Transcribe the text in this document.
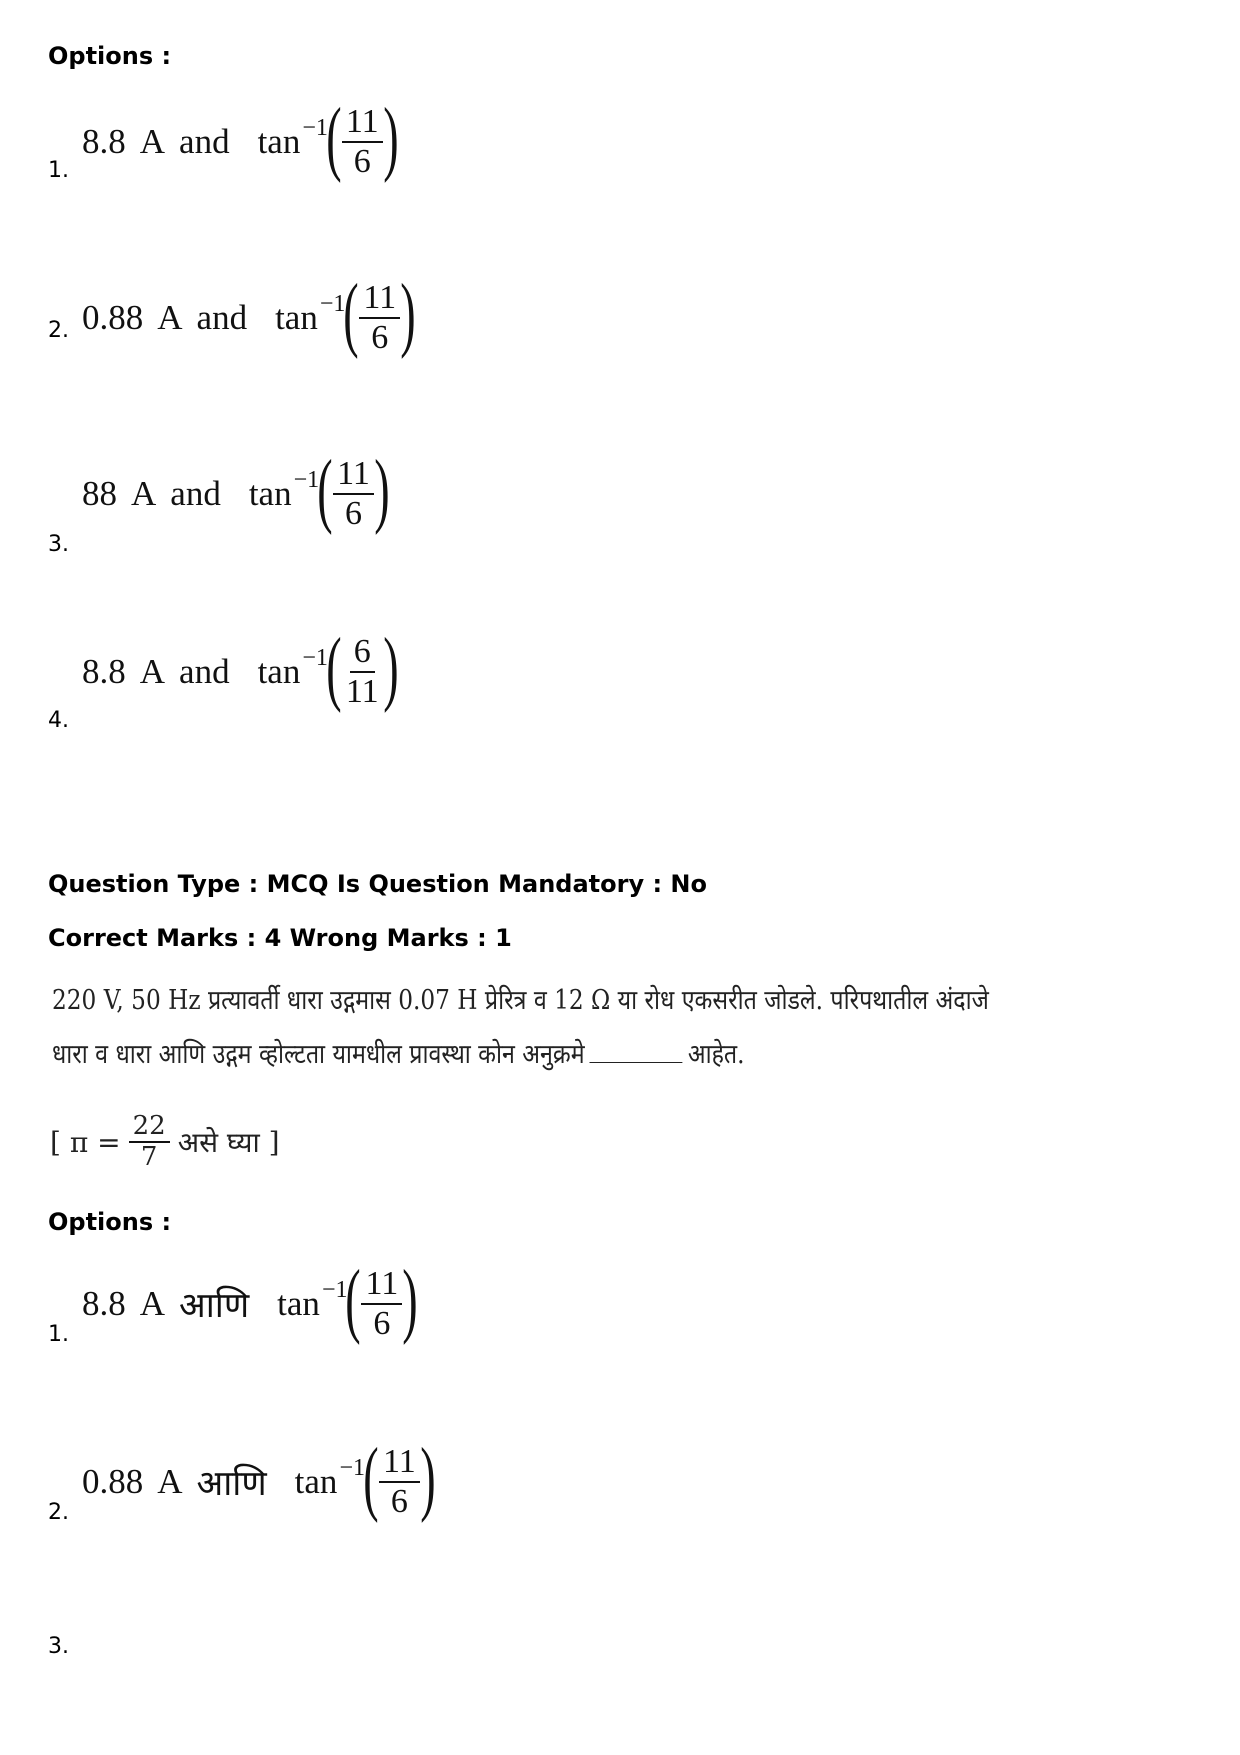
Options :
1.
8.8 A and $\tan^{-1}$
( $\frac{11}{6}$ )
2. 0.88 A and $\tan^{-1}$
( $\frac{11}{6}$ )
3.
88 A and $\tan^{-1}$
( $\frac{11}{6}$ )
4.
8.8 A and $\tan^{-1}$
( $\frac{6}{11}$ )
Question Type : MCQ Is Question Mandatory : No
Correct Marks : 4 Wrong Marks : 1
220 V, 50 Hz प्रत्यावर्ती धारा उद्गमास 0.07 H प्रेरित्र व 12 Ω या रोध एकसरीत जोडले. परिपथातील अंदाजे
धारा व धारा आणि उद्गम व्होल्टता यामधील प्रावस्था कोन अनुक्रमे	आहेत.
[ $\pi = \frac{22}{7}$ असे घ्या ]
Options :
1.
8.8 A आणि $\tan^{-1}$
( $\frac{11}{6}$ )
2.
0.88 A आणि $\tan^{-1}$
( $\frac{11}{6}$ )
3.
